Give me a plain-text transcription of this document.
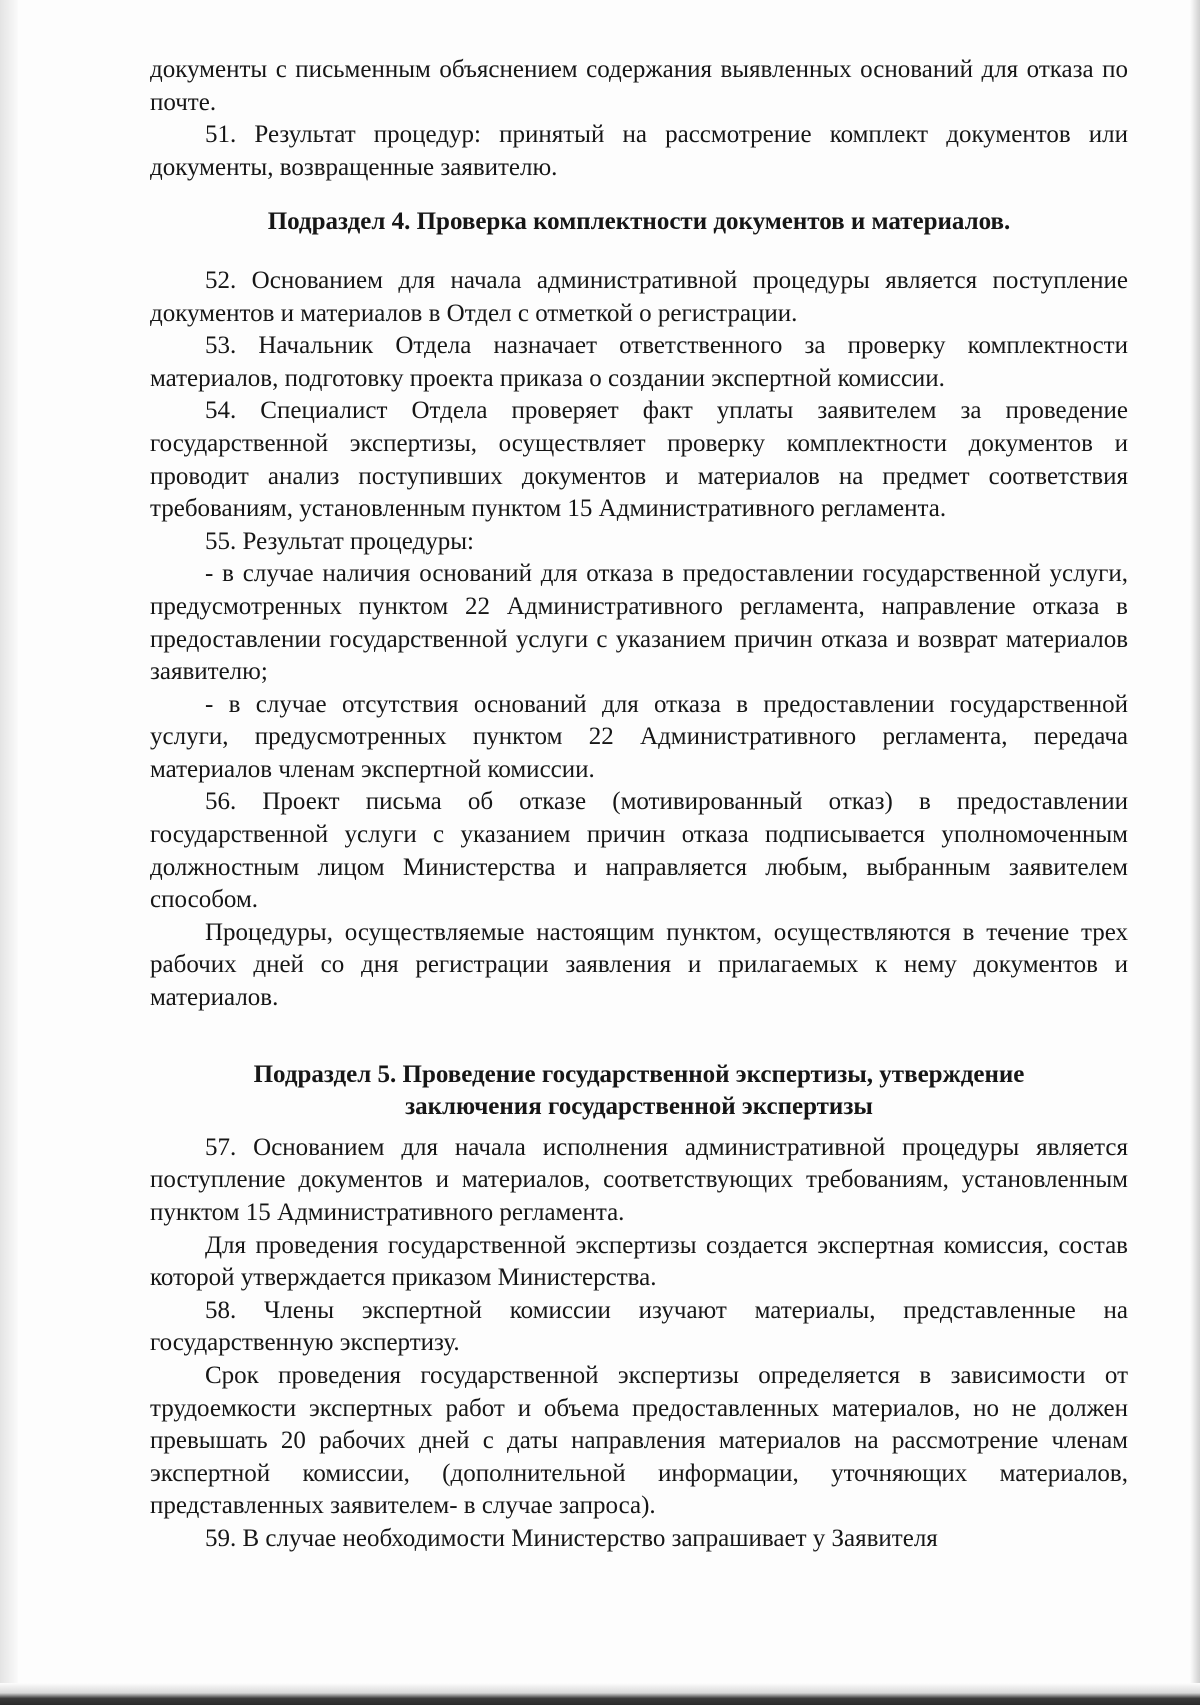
документы с письменным объяснением содержания выявленных оснований для отказа по почте.

51. Результат процедур: принятый на рассмотрение комплект документов или документы, возвращенные заявителю.

Подраздел 4. Проверка комплектности документов и материалов.

52. Основанием для начала административной процедуры является поступление документов и материалов в Отдел с отметкой о регистрации.

53. Начальник Отдела назначает ответственного за проверку комплектности материалов, подготовку проекта приказа о создании экспертной комиссии.

54. Специалист Отдела проверяет факт уплаты заявителем за проведение государственной экспертизы, осуществляет проверку комплектности документов и проводит анализ поступивших документов и материалов на предмет соответствия требованиям, установленным пунктом 15 Административного регламента.

55. Результат процедуры:

- в случае наличия оснований для отказа в предоставлении государственной услуги, предусмотренных пунктом 22 Административного регламента, направление отказа в предоставлении государственной услуги с указанием причин отказа и возврат материалов заявителю;

- в случае отсутствия оснований для отказа в предоставлении государственной услуги, предусмотренных пунктом 22 Административного регламента, передача материалов членам экспертной комиссии.

56. Проект письма об отказе (мотивированный отказ) в предоставлении государственной услуги с указанием причин отказа подписывается уполномоченным должностным лицом Министерства и направляется любым, выбранным заявителем способом.

Процедуры, осуществляемые настоящим пунктом, осуществляются в течение трех рабочих дней со дня регистрации заявления и прилагаемых к нему документов и материалов.

Подраздел 5. Проведение государственной экспертизы, утверждение
заключения государственной экспертизы

57. Основанием для начала исполнения административной процедуры является поступление документов и материалов, соответствующих требованиям, установленным пунктом 15 Административного регламента.

Для проведения государственной экспертизы создается экспертная комиссия, состав которой утверждается приказом Министерства.

58. Члены экспертной комиссии изучают материалы, представленные на государственную экспертизу.

Срок проведения государственной экспертизы определяется в зависимости от трудоемкости экспертных работ и объема предоставленных материалов, но не должен превышать 20 рабочих дней с даты направления материалов на рассмотрение членам экспертной комиссии, (дополнительной информации, уточняющих материалов, представленных заявителем- в случае запроса).

59. В случае необходимости Министерство запрашивает у Заявителя
